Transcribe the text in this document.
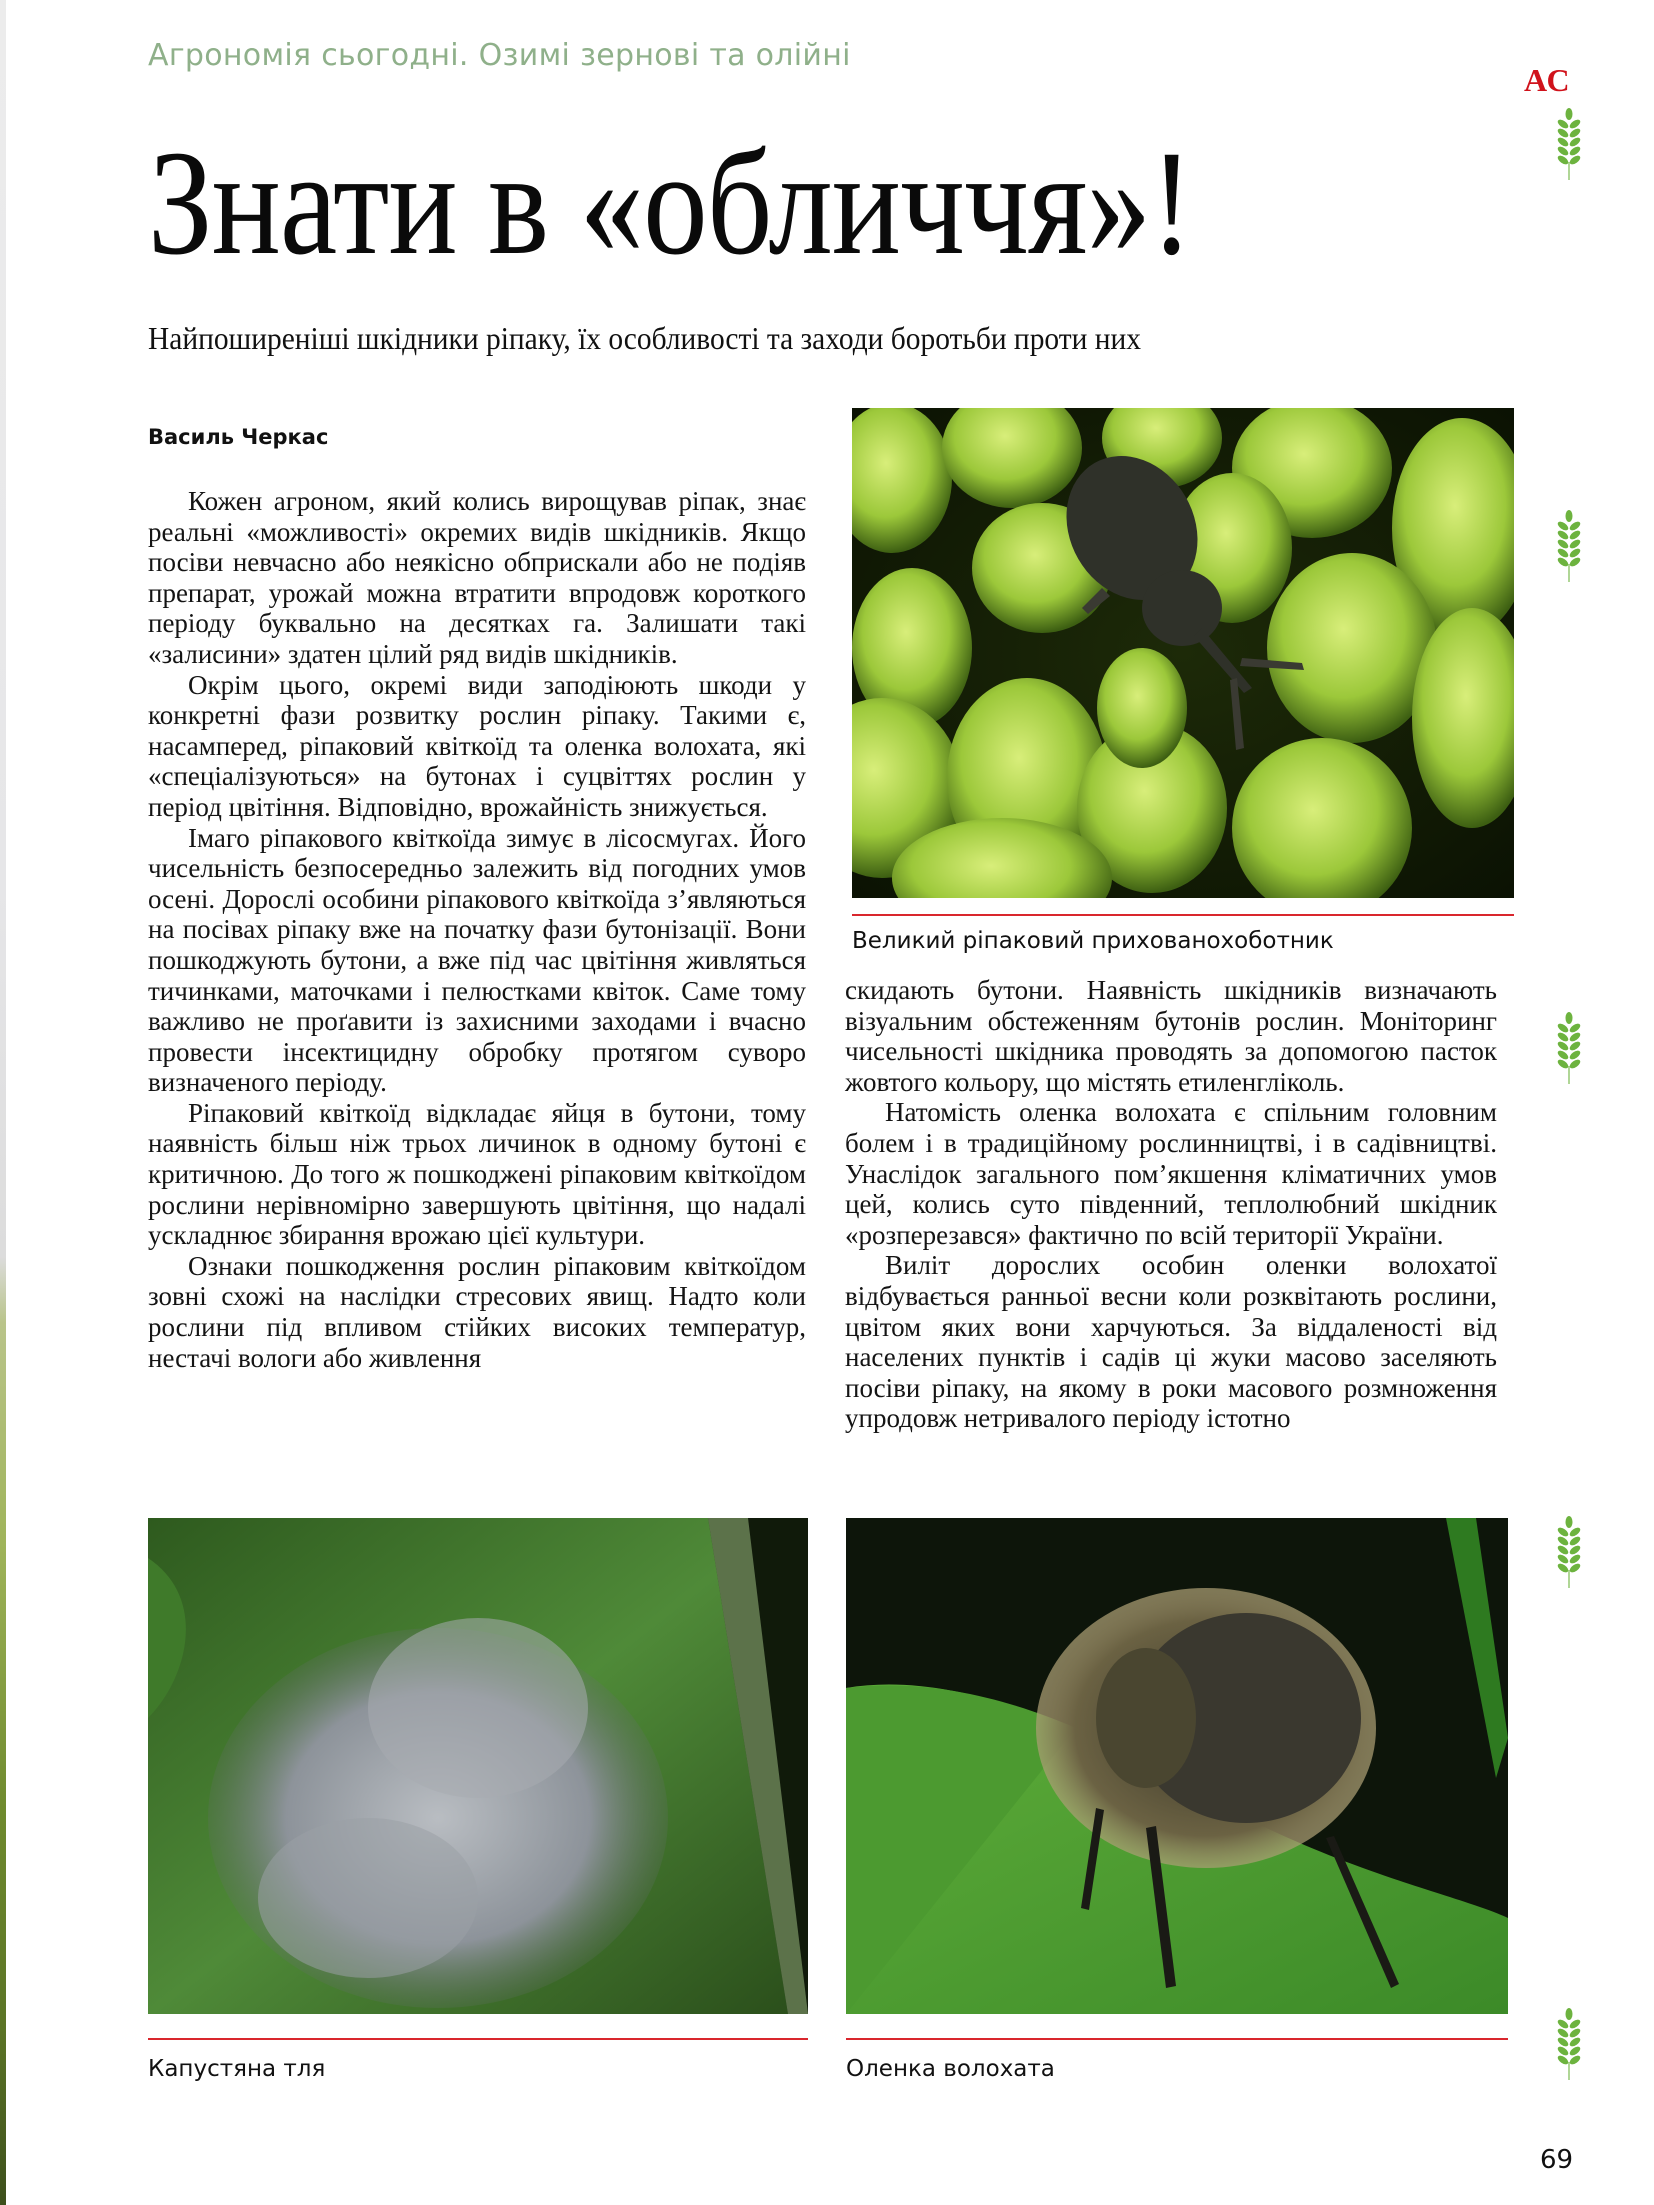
Агрономія сьогодні. Озимі зернові та олійні
АС
Знати в «обличчя»!
Найпоширеніші шкідники ріпаку, їх особливості та заходи боротьби проти них
Василь Черкас

Кожен агроном, який колись вирощував ріпак, знає реальні «можливості» окремих видів шкідників. Якщо посіви невчасно або неякісно обприскали або не подіяв препарат, урожай можна втратити впродовж короткого періоду буквально на десятках га. Залишати такі «залисини» здатен цілий ряд видів шкідників.

Окрім цього, окремі види заподіюють шкоди у конкретні фази розвитку рослин ріпаку. Такими є, насамперед, ріпаковий квіткоїд та оленка волохата, які «спеціалізуються» на бутонах і суцвіттях рослин у період цвітіння. Відповідно, врожайність знижується.

Імаго ріпакового квіткоїда зимує в лісосмугах. Його чисельність безпосередньо залежить від погодних умов осені. Дорослі особини ріпакового квіткоїда з’являються на посівах ріпаку вже на початку фази бутонізації. Вони пошкоджують бутони, а вже під час цвітіння живляться тичинками, маточками і пелюстками квіток. Саме тому важливо не проґавити із захисними заходами і вчасно провести інсектицидну обробку протягом суворо визначеного періоду.

Ріпаковий квіткоїд відкладає яйця в бутони, тому наявність більш ніж трьох личинок в одному бутоні є критичною. До того ж пошкоджені ріпаковим квіткоїдом рослини нерівномірно завершують цвітіння, що надалі ускладнює збирання врожаю цієї культури.

Ознаки пошкодження рослин ріпаковим квіткоїдом зовні схожі на наслідки стресових явищ. Надто коли рослини під впливом стійких високих температур, нестачі вологи або живлення

скидають бутони. Наявність шкідників визначають візуальним обстеженням бутонів рослин. Моніторинг чисельності шкідника проводять за допомогою пасток жовтого кольору, що містять етиленгліколь.

Натомість оленка волохата є спільним головним болем і в традиційному рослинництві, і в садівництві. Унаслідок загального пом’якшення кліматичних умов цей, колись суто південний, теплолюбний шкідник «розперезався» фактично по всій території України.

Виліт дорослих особин оленки волохатої відбувається ранньої весни коли розквітають рослини, цвітом яких вони харчуються. За віддаленості від населених пунктів і садів ці жуки масово заселяють посіви ріпаку, на якому в роки масового розмноження упродовж нетривалого періоду істотно

Великий ріпаковий прихованохоботник
Капустяна тля	Оленка волохата
69
